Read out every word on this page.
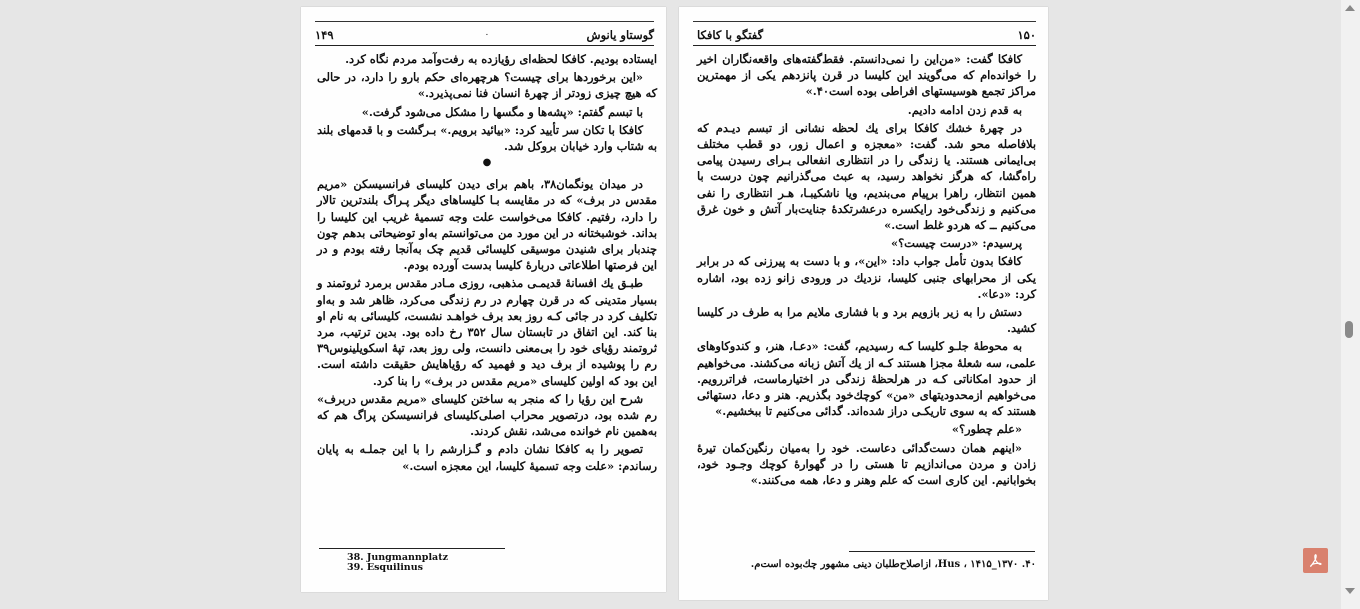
۱۴۹	٠	گوستاو یانوش

ایستاده بودیم. کافکا لحظه‌ای رؤیازده به رفت‌وآمد مردم نگاه کرد.

«این برخوردها برای چیست؟ هرچهره‌ای حکم بارو را دارد، در حالی که هیچ چیزی زودتر از چهرهٔ انسان فنا نمی‌پذیرد.»

با تبسم گفتم: «پشه‌ها و مگسها را مشکل می‌شود گرفت.»

کافکا با تکان سر تأیید کرد: «بیائید برویم.» بـرگشت و با قدمهای بلند به شتاب وارد خیابان بروکل شد.

●

در میدان یونگمان۳۸، باهم برای دیدن کلیسای فرانسیسکن «مریم مقدس در برف» که در مقایسه بـا کلیساهای دیگر پـراگ بلندترین تالار را دارد، رفتیم. کافکا می‌خواست علت وجه تسمیهٔ غریب این کلیسا را بداند. خوشبختانه در این مورد من می‌توانستم به‌او توضیحاتی بدهم چون چندبار برای شنیدن موسیقی کلیسائی قدیم چک به‌آنجا رفته بودم و در این فرصتها اطلاعاتی دربارهٔ کلیسا بدست آورده بودم.

طبـق یك افسانهٔ قدیمـی مذهبی، روزی مـادر مقدس برمرد ثروتمند و بسیار متدینی که در قرن چهارم در رم زندگی می‌کرد، ظاهر شد و به‌او تکلیف کرد در جائی کـه روز بعد برف خواهـد نشست، کلیسائی به نام او بنا کند. این اتفاق در تابستان سال ۳۵۲ رخ داده بود. بدین ترتیب، مرد ثروتمند رؤیای خود را بی‌معنی دانست، ولی روز بعد، تپهٔ اسکویلینوس۳۹ رم را پوشیده از برف دید و فهمید که رؤیاهایش حقیقت داشته است. این بود که اولین کلیسای «مریم مقدس در برف» را بنا کرد.

شرح این رؤیا را که منجر به ساختن کلیسای «مریم مقدس دربرف» رم شده بود، درتصویر محراب اصلی‌کلیسای فرانسیسکن پراگ هم که به‌همین نام خوانده می‌شد، نقش کردند.

تصویر را به کافکا نشان دادم و گـزارشم را با این جملـه به پایان رساندم: «علت وجه تسمیهٔ کلیسا، این معجزه است.»

38. Jungmannplatz
39. Esquilinus
۱۵۰
گفتگو با کافکا

کافکا گفت: «من‌این را نمی‌دانستم. فقط‌گفته‌های واقعه‌نگاران اخیر را خوانده‌ام که می‌گویند این کلیسا در قرن پانزدهم یکی از مهمترین مراکز تجمع هوسیستهای افراطی بوده است۴۰.»

به قدم زدن ادامه دادیم.

در چهرهٔ خشك کافکا برای یك لحظه نشانی از تبسم دیـدم که بلافاصله محو شد. گفت: «معجزه و اعمال زور، دو قطب مختلف بی‌ایمانی هستند. یا زندگی را در انتظاری انفعالی بـرای رسیدن پیامی راه‌گشا، که هرگز نخواهد رسید، به عبث می‌گذرانیم چون درست با همین انتظار، راهرا برپیام می‌بندیم، ویا ناشکیبـا، هـر انتظاری را نفی می‌کنیم و زندگی‌خود رایکسره درعشرتکدهٔ جنایت‌بار آتش و خون غرق می‌کنیم ــ که هردو غلط است.»

پرسیدم: «درست چیست؟»

کافکا بدون تأمل جواب داد: «این»، و با دست به پیرزنی که در برابر یکی از محرابهای جنبی کلیسا، نزدیك در ورودی زانو زده بود، اشاره کرد: «دعا».

دستش را به زیر بازویم برد و با فشاری ملایم مرا به طرف در کلیسا کشید.

به محوطهٔ جلـو کلیسا کـه رسیدیم، گفت: «دعـا، هنر، و کندوکاوهای علمی، سه شعلهٔ مجزا هستند کـه از یك آتش زبانه می‌کشند. می‌خواهیم از حدود امکاناتی کـه در هرلحظهٔ زندگی در اختیارماست، فراتررویم. می‌خواهیم ازمحدودیتهای «من» کوچك‌خود بگذریم. هنر و دعا، دستهائی هستند که به سوی تاریکـی دراز شده‌اند. گدائی می‌کنیم تا ببخشیم.»

«علم چطور؟»

«اینهم همان دست‌گدائی دعاست. خود را به‌میان رنگین‌کمان تیرهٔ زادن و مردن می‌اندازیم تا هستی را در گهوارهٔ کوچك وجـود خود، بخوابانیم. این کاری است که علم وهنر و دعا، همه می‌کنند.»

۴۰. Hus ، ۱۴۱۵_۱۳۷۰، ازاصلاح‌طلبان دینی مشهور چك‌بوده است‌م.
